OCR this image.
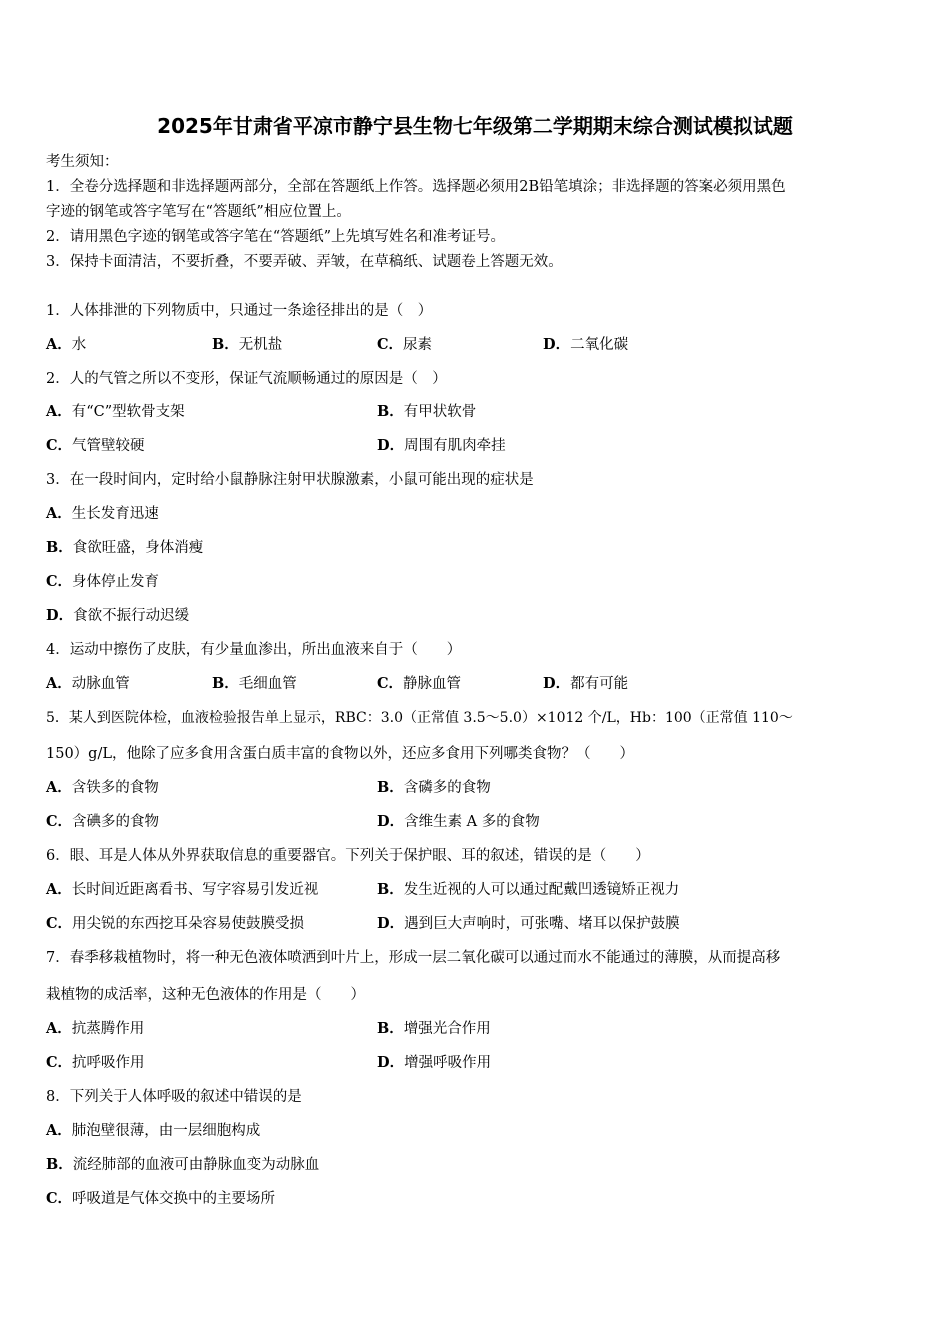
2025年甘肃省平凉市静宁县生物七年级第二学期期末综合测试模拟试题
考生须知：
1．全卷分选择题和非选择题两部分，全部在答题纸上作答。选择题必须用2B铅笔填涂；非选择题的答案必须用黑色
字迹的钢笔或答字笔写在“答题纸”相应位置上。
2．请用黑色字迹的钢笔或答字笔在“答题纸”上先填写姓名和准考证号。
3．保持卡面清洁，不要折叠，不要弄破、弄皱，在草稿纸、试题卷上答题无效。
1．人体排泄的下列物质中，只通过一条途径排出的是（　）
A．水	B．无机盐	C．尿素	D．二氧化碳
2．人的气管之所以不变形，保证气流顺畅通过的原因是（　）
A．有“C”型软骨支架	B．有甲状软骨
C．气管壁较硬	D．周围有肌肉牵挂
3．在一段时间内，定时给小鼠静脉注射甲状腺激素，小鼠可能出现的症状是
A．生长发育迅速
B．食欲旺盛，身体消瘦
C．身体停止发育
D．食欲不振行动迟缓
4．运动中擦伤了皮肤，有少量血渗出，所出血液来自于（　　）
A．动脉血管	B．毛细血管	C．静脉血管	D．都有可能
5．某人到医院体检，血液检验报告单上显示，RBC：3.0（正常值 3.5～5.0）×1012 个/L，Hb：100（正常值 110～
150）g/L，他除了应多食用含蛋白质丰富的食物以外，还应多食用下列哪类食物？（　　）
A．含铁多的食物	B．含磷多的食物
C．含碘多的食物	D．含维生素 A 多的食物
6．眼、耳是人体从外界获取信息的重要器官。下列关于保护眼、耳的叙述，错误的是（　　）
A．长时间近距离看书、写字容易引发近视	B．发生近视的人可以通过配戴凹透镜矫正视力
C．用尖锐的东西挖耳朵容易使鼓膜受损	D．遇到巨大声响时，可张嘴、堵耳以保护鼓膜
7．春季移栽植物时，将一种无色液体喷洒到叶片上，形成一层二氧化碳可以通过而水不能通过的薄膜，从而提高移
栽植物的成活率，这种无色液体的作用是（　　）
A．抗蒸腾作用	B．增强光合作用
C．抗呼吸作用	D．增强呼吸作用
8．下列关于人体呼吸的叙述中错误的是
A．肺泡壁很薄，由一层细胞构成
B．流经肺部的血液可由静脉血变为动脉血
C．呼吸道是气体交换中的主要场所
